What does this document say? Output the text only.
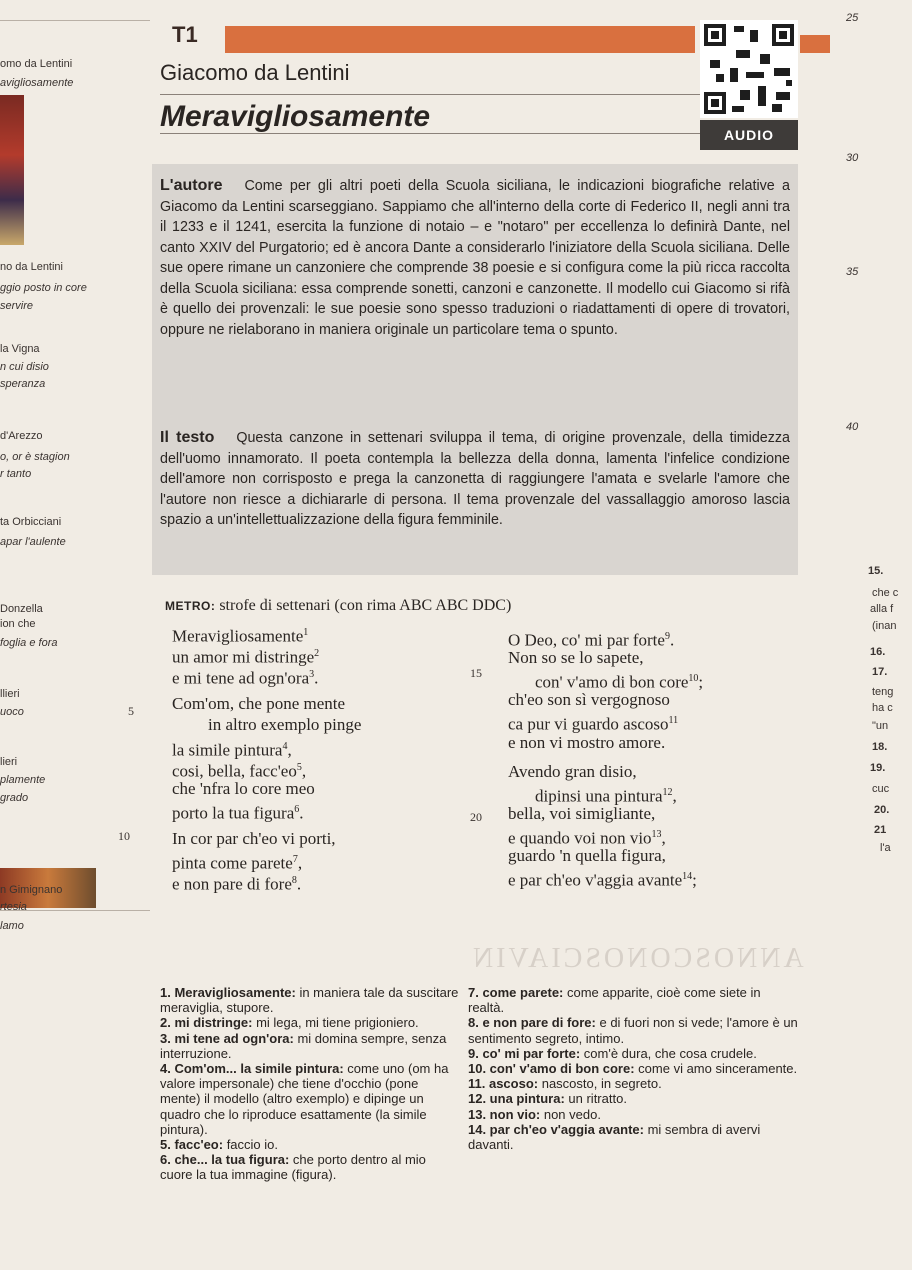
omo da Lentini
avigliosamente
no da Lentini
ggio posto in core
servire
la Vigna
n cui disio
speranza
d'Arezzo
o, or è stagion
r tanto
ta Orbicciani
apar l'aulente
Donzella
ion che
foglia e fora
llieri
uoco
lieri
plamente
grado
n Gimignano
rtesia
lamo
25
30
35
40
15.
che c
alla f
(inan
16.
17.
teng
ha c
"un
18.
19.
cuc
20.
21
l'a
T1
Giacomo da Lentini
Meravigliosamente
AUDIO
L'autore Come per gli altri poeti della Scuola siciliana, le indicazioni biografiche relative a Giacomo da Lentini scarseggiano. Sappiamo che all'interno della corte di Federico II, negli anni tra il 1233 e il 1241, esercita la funzione di notaio – e "notaro" per eccellenza lo definirà Dante, nel canto XXIV del Purgatorio; ed è ancora Dante a considerarlo l'iniziatore della Scuola siciliana. Delle sue opere rimane un canzoniere che comprende 38 poesie e si configura come la più ricca raccolta della Scuola siciliana: essa comprende sonetti, canzoni e canzonette. Il modello cui Giacomo si rifà è quello dei provenzali: le sue poesie sono spesso traduzioni o riadattamenti di opere di trovatori, oppure ne rielaborano in maniera originale un particolare tema o spunto.
Il testo Questa canzone in settenari sviluppa il tema, di origine provenzale, della timidezza dell'uomo innamorato. Il poeta contempla la bellezza della donna, lamenta l'infelice condizione dell'amore non corrisposto e prega la canzonetta di raggiungere l'amata e svelarle l'amore che l'autore non riesce a dichiararle di persona. Il tema provenzale del vassallaggio amoroso lascia spazio a un'intellettualizzazione della figura femminile.
METRO: strofe di settenari (con rima ABC ABC DDC)
Meravigliosamente$^1$
un amor mi distringe$^2$
e mi tene ad ogn'ora$^3$.
Com'om, che pone mente
in altro exemplo pinge
la simile pintura$^4$,
cosi, bella, $facc'eo^5$,
che 'nfra lo core meo
porto la tua figura$^6$.
In cor par ch'eo vi porti,
pinta come parete$^7$,
e non pare di fore$^8$.
O Deo, co' mi par forte$^9$.
Non so se lo sapete,
con' v'amo di bon core$^{10}$;
ch'eo son sì vergognoso
ca pur vi guardo ascoso$^{11}$
e non vi mostro amore.
Avendo gran disio,
dipinsi una pintura$^{12}$,
bella, voi simigliante,
e quando voi non vio$^{13}$,
guardo 'n quella figura,
e par ch'eo v'aggia avante$^{14}$;
5
10
15
20
ANNOSCONOSCIAVIN
1. Meravigliosamente: in maniera tale da suscitare meraviglia, stupore.
2. mi distringe: mi lega, mi tiene prigioniero.
3. mi tene ad ogn'ora: mi domina sempre, senza interruzione.
4. Com'om... la simile pintura: come uno (om ha valore impersonale) che tiene d'occhio (pone mente) il modello (altro exemplo) e dipinge un quadro che lo riproduce esattamente (la simile pintura).
5. facc'eo: faccio io.
6. che... la tua figura: che porto dentro al mio cuore la tua immagine (figura).
7. come parete: come apparite, cioè come siete in realtà.
8. e non pare di fore: e di fuori non si vede; l'amore è un sentimento segreto, intimo.
9. co' mi par forte: com'è dura, che cosa crudele.
10. con' v'amo di bon core: come vi amo sinceramente.
11. ascoso: nascosto, in segreto.
12. una pintura: un ritratto.
13. non vio: non vedo.
14. par ch'eo v'aggia avante: mi sembra di avervi davanti.
